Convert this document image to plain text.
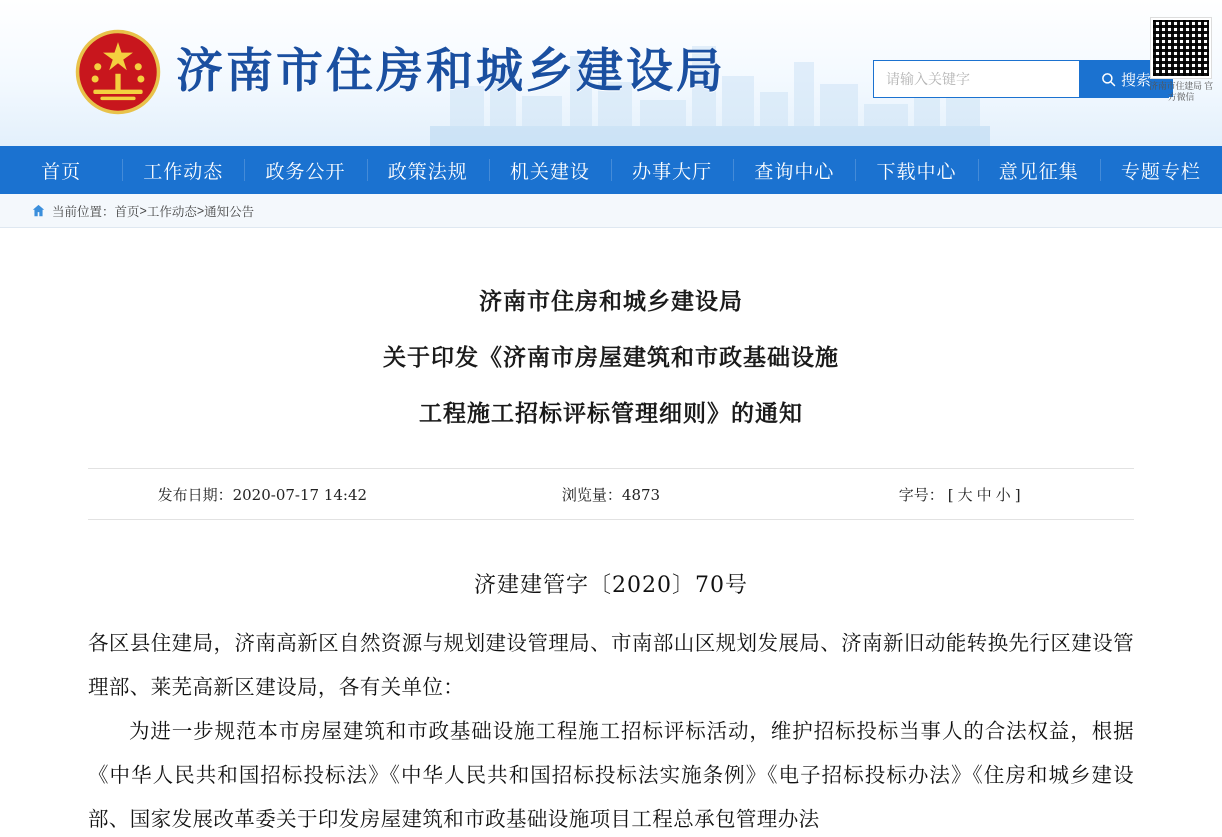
济南市住房和城乡建设局
请输入关键字	搜索
济南市住建局 官方微信
首页	工作动态	政务公开	政策法规	机关建设	办事大厅	查询中心	下载中心	意见征集	专题专栏
当前位置： 首页 > 工作动态 > 通知公告
济南市住房和城乡建设局
关于印发《济南市房屋建筑和市政基础设施
工程施工招标评标管理细则》的通知
发布日期：2020-07-17 14:42	浏览量：4873	字号： [ 大 中 小 ]
济建建管字〔2020〕70号

各区县住建局，济南高新区自然资源与规划建设管理局、市南部山区规划发展局、济南新旧动能转换先行区建设管理部、莱芜高新区建设局，各有关单位：

为进一步规范本市房屋建筑和市政基础设施工程施工招标评标活动，维护招标投标当事人的合法权益，根据《中华人民共和国招标投标法》《中华人民共和国招标投标法实施条例》《电子招标投标办法》《住房和城乡建设部、国家发展改革委关于印发房屋建筑和市政基础设施项目工程总承包管理办法
